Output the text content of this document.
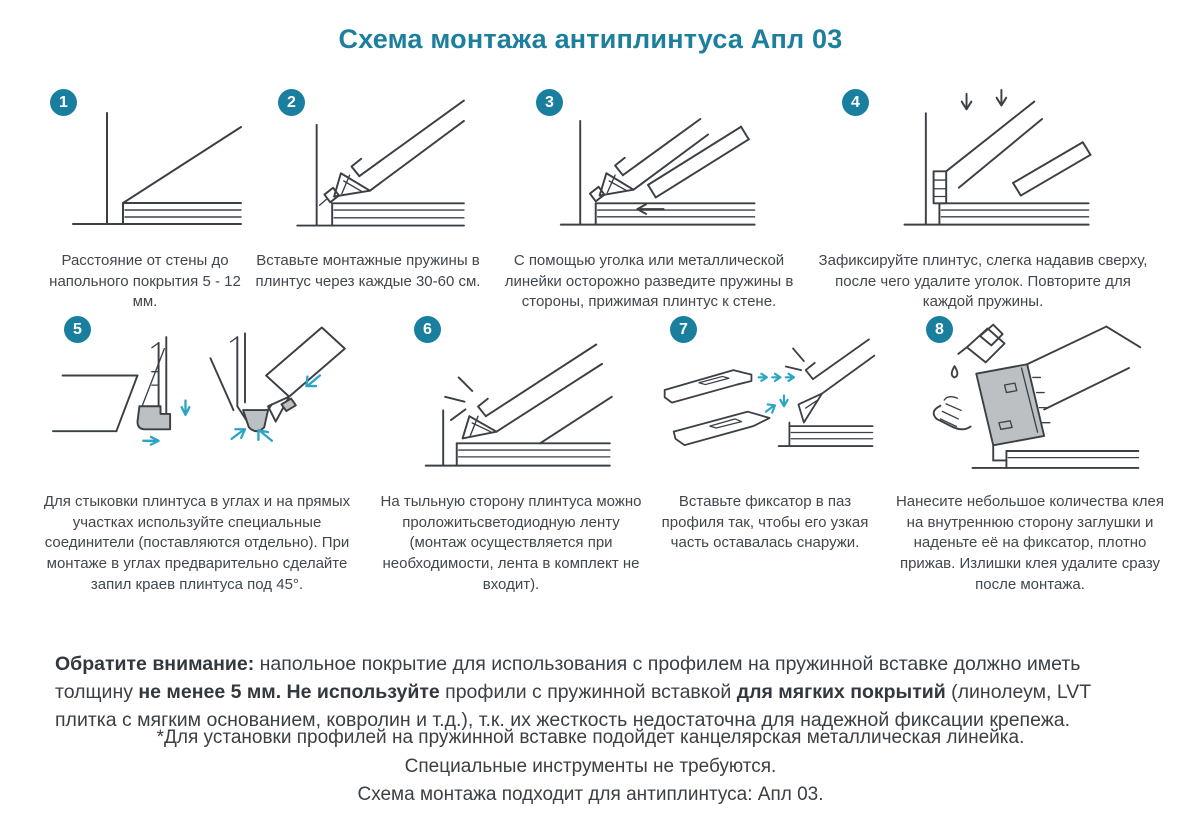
Схема монтажа антиплинтуса Апл 03
1
Расстояние от стены до напольного покрытия 5 - 12 мм.
2
Вставьте монтажные пружины в плинтус через каждые 30-60 см.
3
С помощью уголка или металлической линейки осторожно разведите пружины в стороны, прижимая плинтус к стене.
4
Зафиксируйте плинтус, слегка надавив сверху, после чего удалите уголок. Повторите для каждой пружины.
5
Для стыковки плинтуса в углах и на прямых участках используйте специальные соединители (поставляются отдельно). При монтаже в углах предварительно сделайте запил краев плинтуса под 45°.
6
На тыльную сторону плинтуса можно проложитьсветодиодную ленту (монтаж осуществляется при необходимости, лента в комплект не входит).
7
Вставьте фиксатор в паз профиля так, чтобы его узкая часть оставалась снаружи.
8
Нанесите небольшое количества клея на внутреннюю сторону заглушки и наденьте её на фиксатор, плотно прижав. Излишки клея удалите сразу после монтажа.

Обратите внимание: напольное покрытие для использования с профилем на пружинной вставке должно иметь толщину не менее 5 мм. Не используйте профили с пружинной вставкой для мягких покрытий (линолеум, LVT плитка с мягким основанием, ковролин и т.д.), т.к. их жесткость недостаточна для надежной фиксации крепежа.

*Для установки профилей на пружинной вставке подойдет канцелярская металлическая линейка.
Специальные инструменты не требуются.
Схема монтажа подходит для антиплинтуса: Апл 03.
